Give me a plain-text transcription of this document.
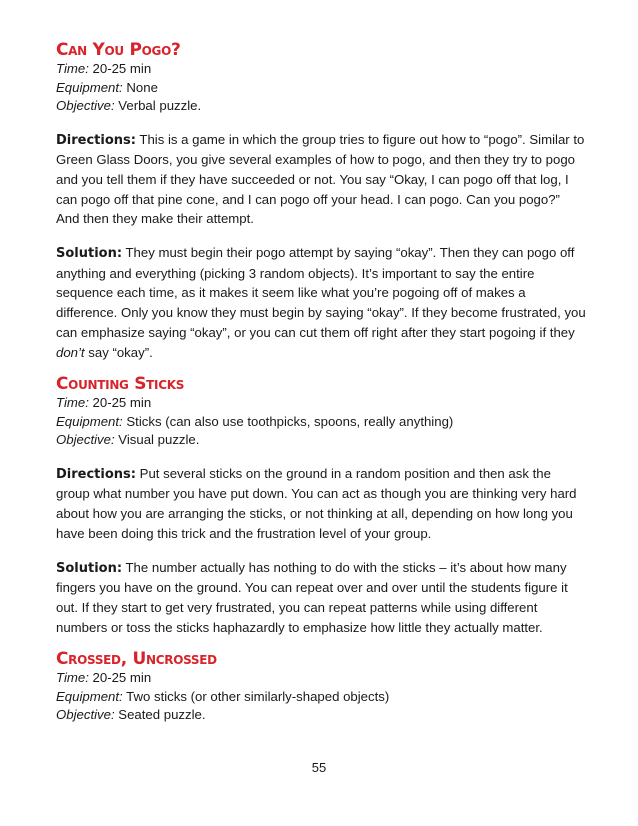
Can You Pogo?
Time: 20-25 min
Equipment: None
Objective: Verbal puzzle.
Directions: This is a game in which the group tries to figure out how to “pogo”. Similar to Green Glass Doors, you give several examples of how to pogo, and then they try to pogo and you tell them if they have succeeded or not. You say “Okay, I can pogo off that log, I can pogo off that pine cone, and I can pogo off your head. I can pogo. Can you pogo?” And then they make their attempt.
Solution: They must begin their pogo attempt by saying “okay”. Then they can pogo off anything and everything (picking 3 random objects). It’s important to say the entire sequence each time, as it makes it seem like what you’re pogoing off of makes a difference. Only you know they must begin by saying “okay”. If they become frustrated, you can emphasize saying “okay”, or you can cut them off right after they start pogoing if they don’t say “okay”.
Counting Sticks
Time: 20-25 min
Equipment: Sticks (can also use toothpicks, spoons, really anything)
Objective: Visual puzzle.
Directions: Put several sticks on the ground in a random position and then ask the group what number you have put down. You can act as though you are thinking very hard about how you are arranging the sticks, or not thinking at all, depending on how long you have been doing this trick and the frustration level of your group.
Solution: The number actually has nothing to do with the sticks – it’s about how many fingers you have on the ground. You can repeat over and over until the students figure it out. If they start to get very frustrated, you can repeat patterns while using different numbers or toss the sticks haphazardly to emphasize how little they actually matter.
Crossed, Uncrossed
Time: 20-25 min
Equipment: Two sticks (or other similarly-shaped objects)
Objective: Seated puzzle.
55
